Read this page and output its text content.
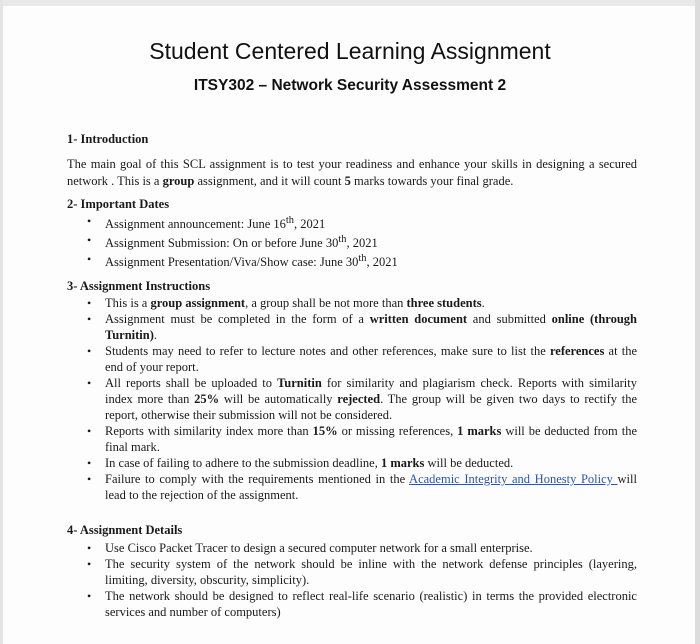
Student Centered Learning Assignment
ITSY302 – Network Security Assessment 2

1- Introduction

The main goal of this SCL assignment is to test your readiness and enhance your skills in designing a secured network . This is a group assignment, and it will count 5 marks towards your final grade.

2- Important Dates

• Assignment announcement: June 16th, 2021
• Assignment Submission: On or before June 30th, 2021
• Assignment Presentation/Viva/Show case: June 30th, 2021

3- Assignment Instructions

• This is a group assignment, a group shall be not more than three students.
• Assignment must be completed in the form of a written document and submitted online (through Turnitin).
• Students may need to refer to lecture notes and other references, make sure to list the references at the end of your report.
• All reports shall be uploaded to Turnitin for similarity and plagiarism check. Reports with similarity index more than 25% will be automatically rejected. The group will be given two days to rectify the report, otherwise their submission will not be considered.
• Reports with similarity index more than 15% or missing references, 1 marks will be deducted from the final mark.
• In case of failing to adhere to the submission deadline, 1 marks will be deducted.
• Failure to comply with the requirements mentioned in the Academic Integrity and Honesty Policy will lead to the rejection of the assignment.

4- Assignment Details

• Use Cisco Packet Tracer to design a secured computer network for a small enterprise.
• The security system of the network should be inline with the network defense principles (layering, limiting, diversity, obscurity, simplicity).
• The network should be designed to reflect real-life scenario (realistic) in terms the provided electronic services and number of computers)
